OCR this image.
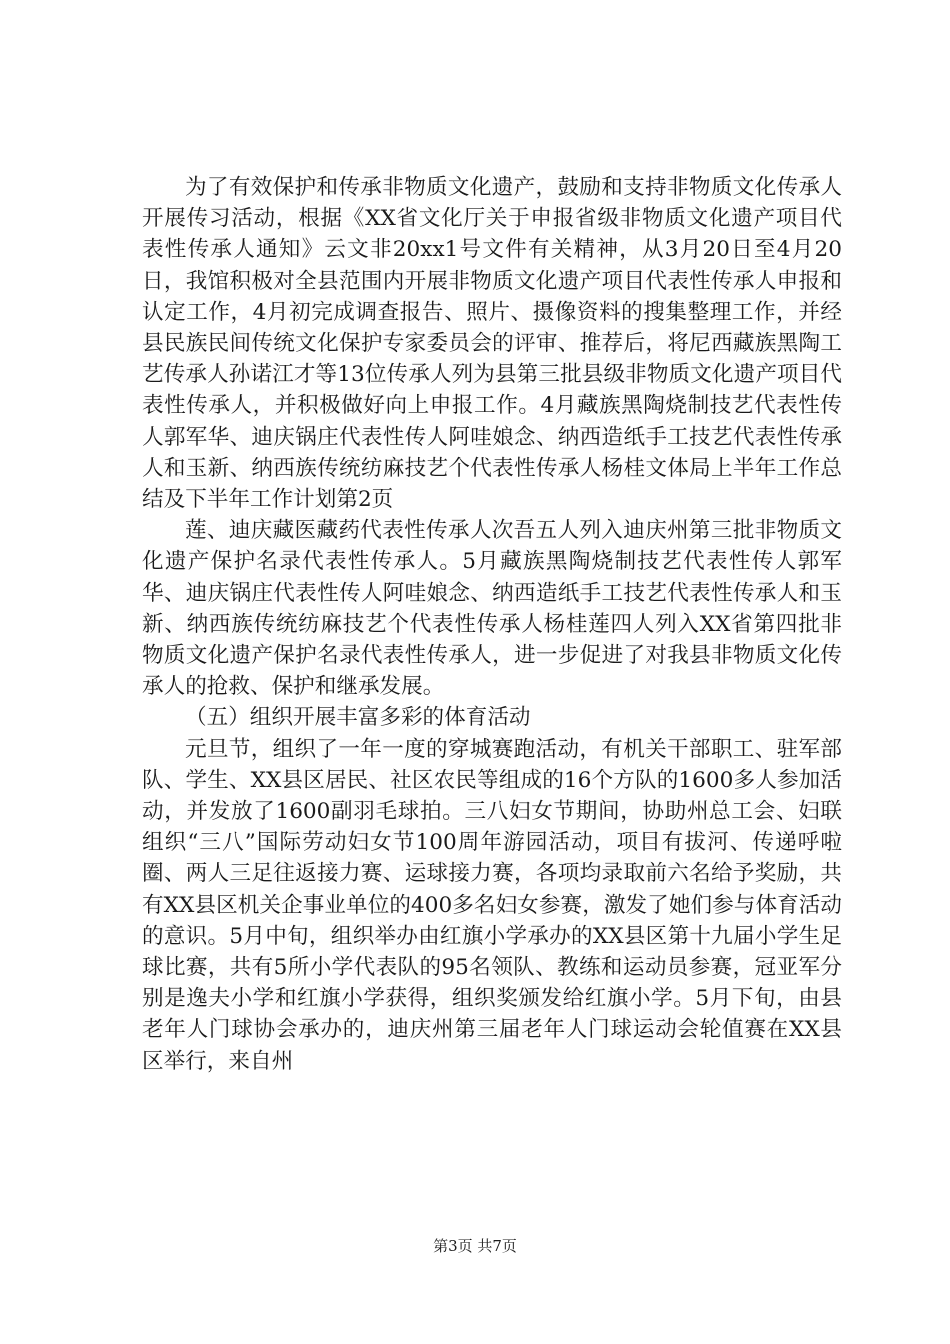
为了有效保护和传承非物质文化遗产，鼓励和支持非物质文化传承人开展传习活动，根据《XX省文化厅关于申报省级非物质文化遗产项目代表性传承人通知》云文非20xx1号文件有关精神，从3月20日至4月20日，我馆积极对全县范围内开展非物质文化遗产项目代表性传承人申报和认定工作，4月初完成调查报告、照片、摄像资料的搜集整理工作，并经县民族民间传统文化保护专家委员会的评审、推荐后，将尼西藏族黑陶工艺传承人孙诺江才等13位传承人列为县第三批县级非物质文化遗产项目代表性传承人，并积极做好向上申报工作。4月藏族黑陶烧制技艺代表性传人郭军华、迪庆锅庄代表性传人阿哇娘念、纳西造纸手工技艺代表性传承人和玉新、纳西族传统纺麻技艺个代表性传承人杨桂文体局上半年工作总结及下半年工作计划第2页

莲、迪庆藏医藏药代表性传承人次吾五人列入迪庆州第三批非物质文化遗产保护名录代表性传承人。5月藏族黑陶烧制技艺代表性传人郭军华、迪庆锅庄代表性传人阿哇娘念、纳西造纸手工技艺代表性传承人和玉新、纳西族传统纺麻技艺个代表性传承人杨桂莲四人列入XX省第四批非物质文化遗产保护名录代表性传承人，进一步促进了对我县非物质文化传承人的抢救、保护和继承发展。

（五）组织开展丰富多彩的体育活动

元旦节，组织了一年一度的穿城赛跑活动，有机关干部职工、驻军部队、学生、XX县区居民、社区农民等组成的16个方队的1600多人参加活动，并发放了1600副羽毛球拍。三八妇女节期间，协助州总工会、妇联组织“三八”国际劳动妇女节100周年游园活动，项目有拔河、传递呼啦圈、两人三足往返接力赛、运球接力赛，各项均录取前六名给予奖励，共有XX县区机关企事业单位的400多名妇女参赛，激发了她们参与体育活动的意识。5月中旬，组织举办由红旗小学承办的XX县区第十九届小学生足球比赛，共有5所小学代表队的95名领队、教练和运动员参赛，冠亚军分别是逸夫小学和红旗小学获得，组织奖颁发给红旗小学。5月下旬，由县老年人门球协会承办的，迪庆州第三届老年人门球运动会轮值赛在XX县区举行，来自州

第3页 共7页
